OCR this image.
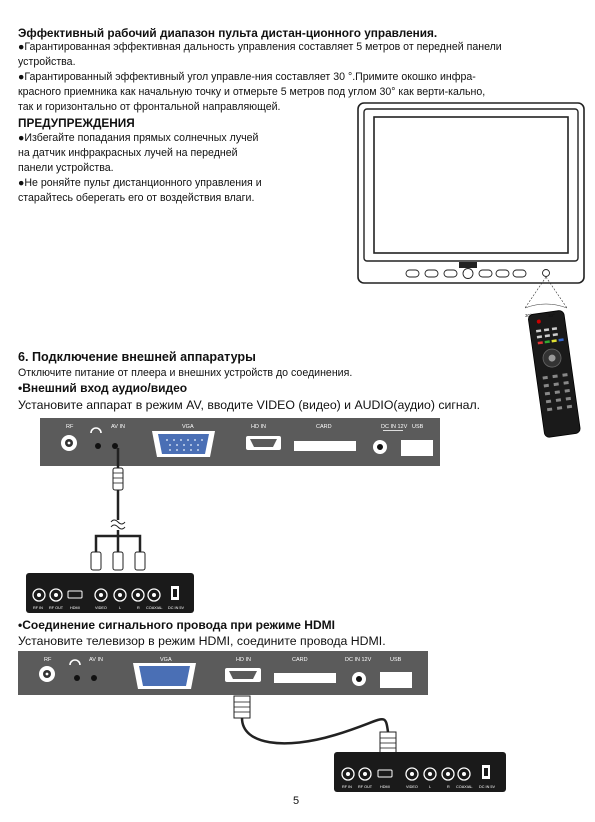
Эффективный рабочий диапазон пульта дистан-ционного управления.
●Гарантированная эффективная дальность управления составляет 5 метров от передней панели
устройства.
●Гарантированный эффективный угол управле-ния составляет 30 °.Примите окошко инфра-
красного приемника как начальную точку и отмерьте 5 метров под углом 30° как верти-кально,
так и горизонтально от фронтальной направляющей.
ПРЕДУПРЕЖДЕНИЯ
●Избегайте попадания прямых солнечных лучей
на датчик инфракрасных лучей на передней
панели устройства.
●Не роняйте пульт дистанционного управления и
старайтесь оберегать его от воздействия влаги.
30°	30°
6. Подключение внешней аппаратуры
Отключите питание от плеера и внешних устройств до соединения.
•Внешний вход аудио/видео
Установите аппарат в режим AV, вводите VIDEO (видео) и AUDIO(аудио) сигнал.
RF	AV IN	VGA	HD IN	CARD	DC IN 12V USB
RF IN RF OUT HDMI	VIDEO	L	R COAXIAL DC IN 5V
•Соединение сигнального провода при режиме HDMI
Установите телевизор в режим HDMI, соедините провода HDMI.
RF	AV IN	VGA	HD IN	CARD	DC IN 12V	USB
RF IN RF OUT HDMI	VIDEO	L	R COAXIAL DC IN 5V
5
